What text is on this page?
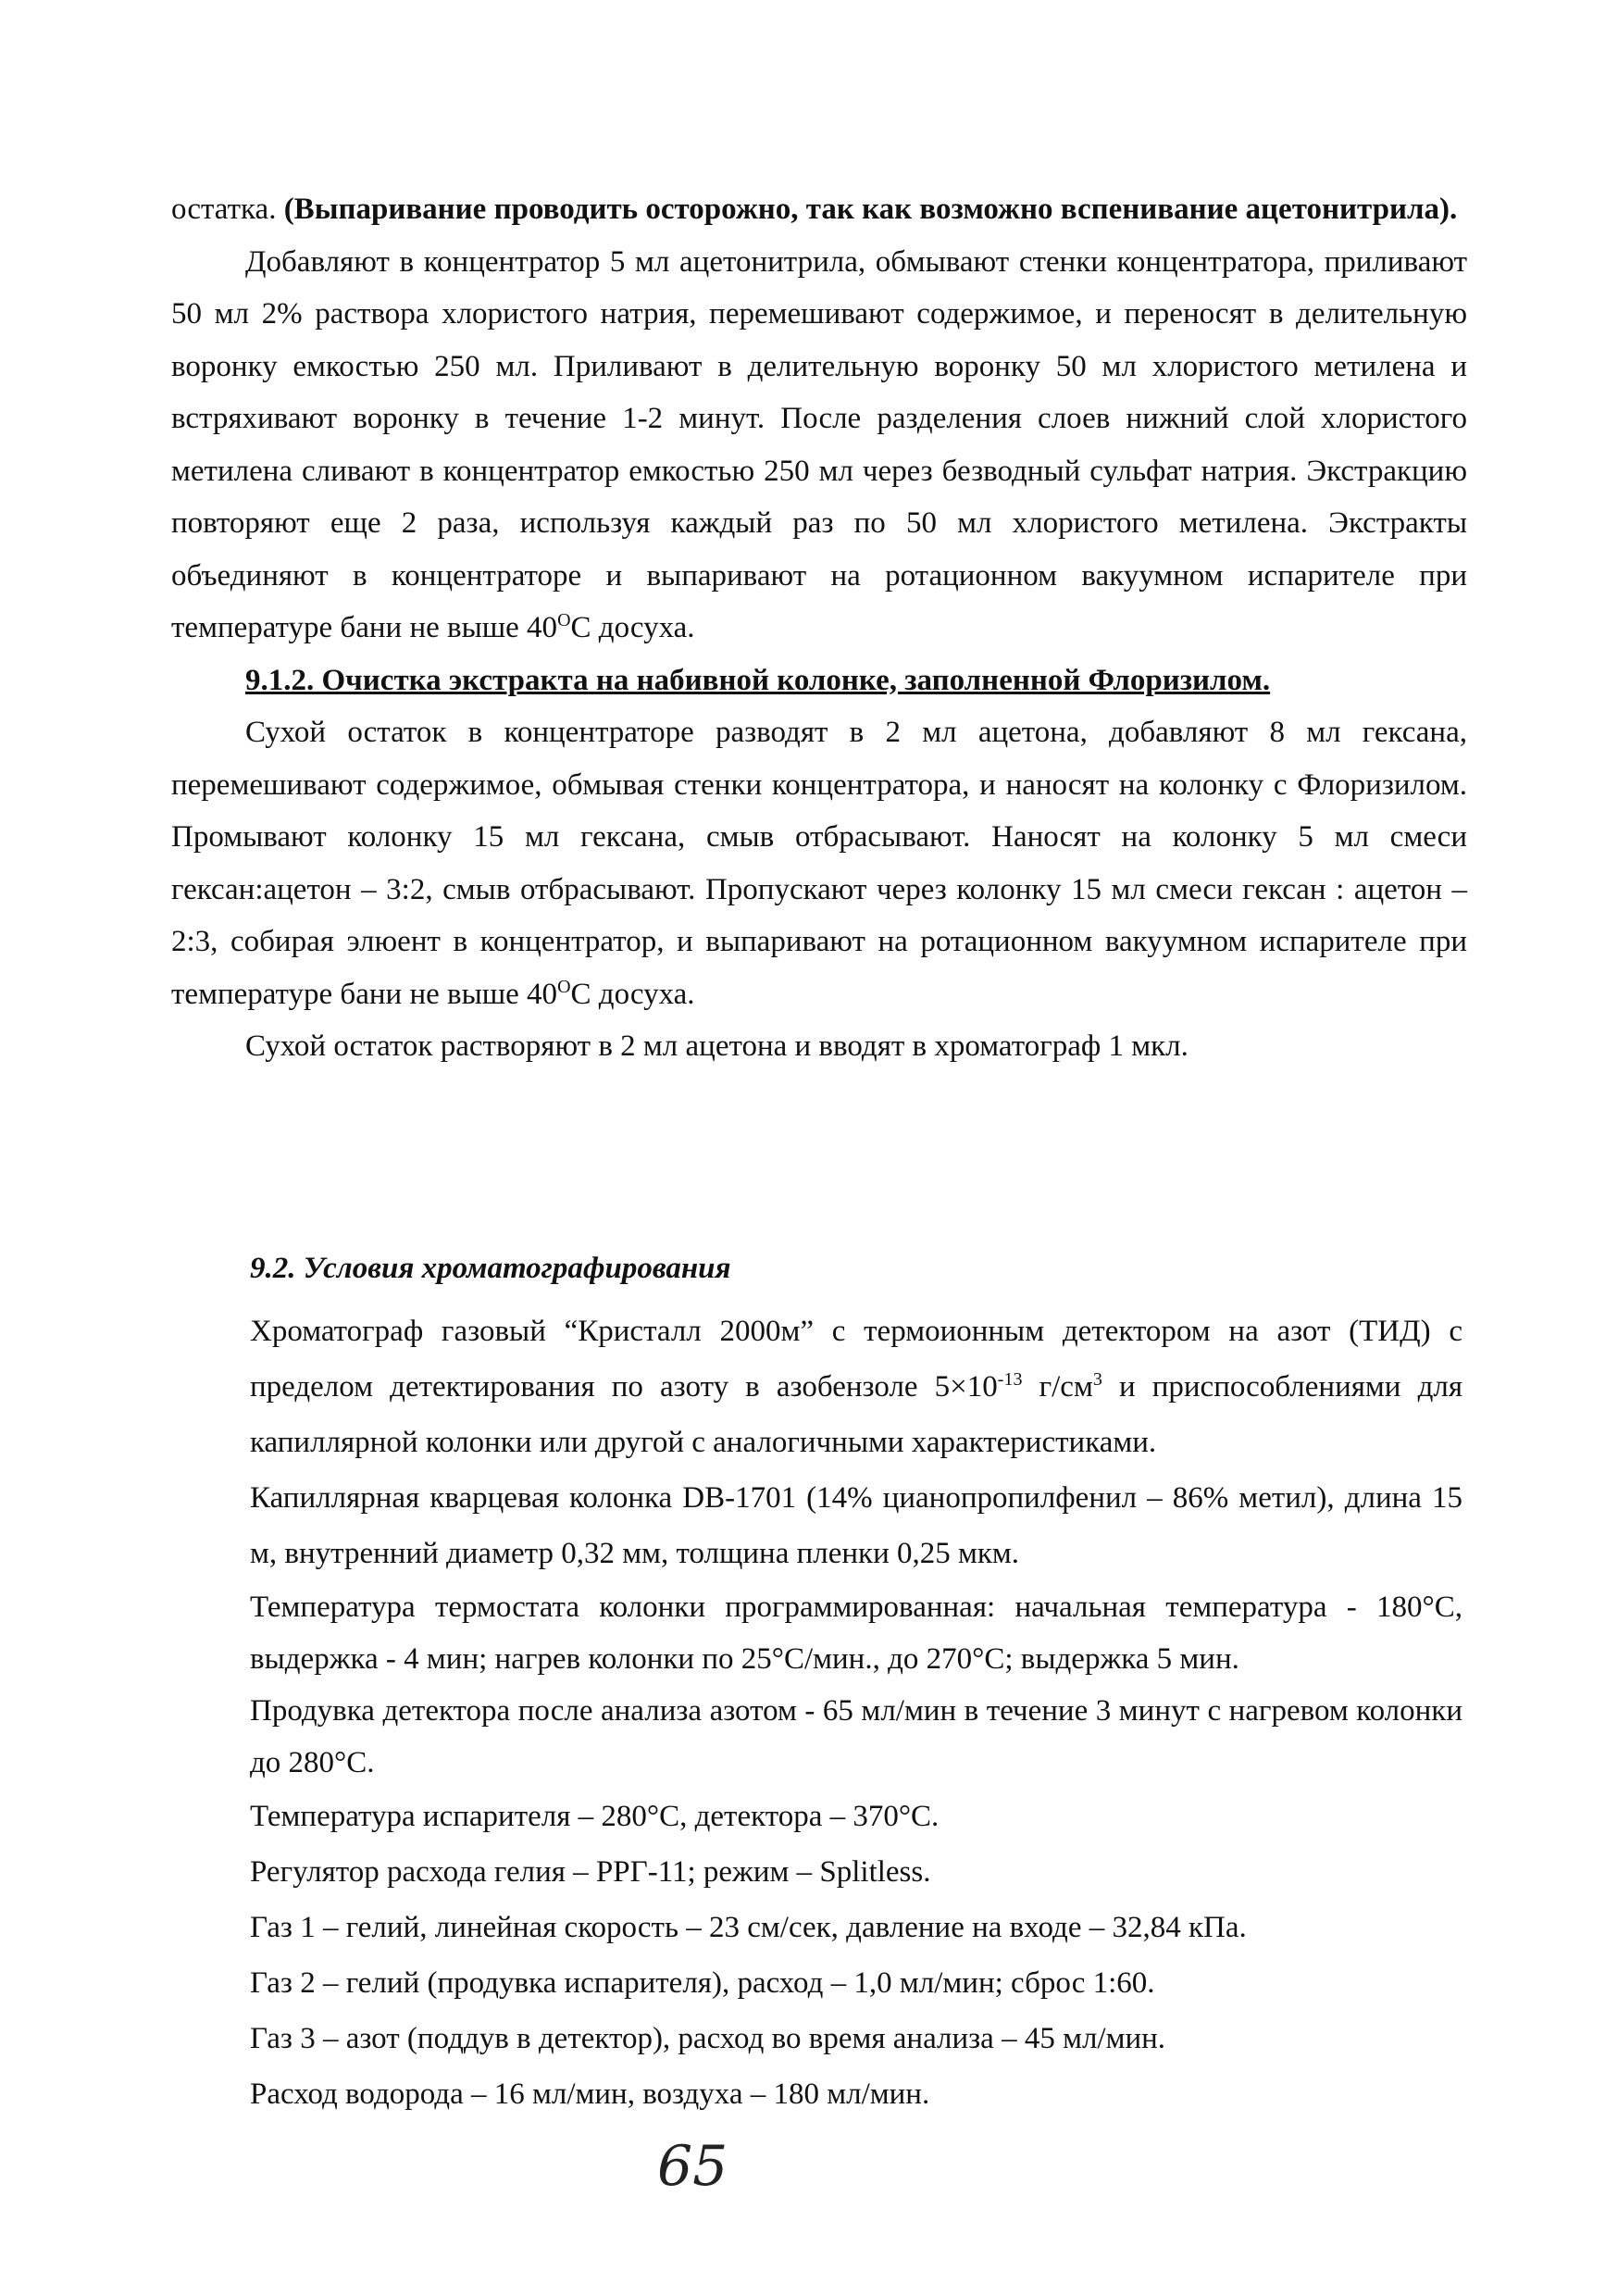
остатка. (Выпаривание проводить осторожно, так как возможно вспенивание ацетонитрила).

Добавляют в концентратор 5 мл ацетонитрила, обмывают стенки концентратора, приливают 50 мл 2% раствора хлористого натрия, перемешивают содержимое, и переносят в делительную воронку емкостью 250 мл. Приливают в делительную воронку 50 мл хлористого метилена и встряхивают воронку в течение 1-2 минут. После разделения слоев нижний слой хлористого метилена сливают в концентратор емкостью 250 мл через безводный сульфат натрия. Экстракцию повторяют еще 2 раза, используя каждый раз по 50 мл хлористого метилена. Экстракты объединяют в концентраторе и выпаривают на ротационном вакуумном испарителе при температуре бани не выше $40^OC$ досуха.

9.1.2. Очистка экстракта на набивной колонке, заполненной Флоризилом.

Сухой остаток в концентраторе разводят в 2 мл ацетона, добавляют 8 мл гексана, перемешивают содержимое, обмывая стенки концентратора, и наносят на колонку с Флоризилом. Промывают колонку 15 мл гексана, смыв отбрасывают. Наносят на колонку 5 мл смеси гексан:ацетон – 3:2, смыв отбрасывают. Пропускают через колонку 15 мл смеси гексан : ацетон – 2:3, собирая элюент в концентратор, и выпаривают на ротационном вакуумном испарителе при температуре бани не выше $40^OC$ досуха.

Сухой остаток растворяют в 2 мл ацетона и вводят в хроматограф 1 мкл.

9.2. Условия хроматографирования

Хроматограф газовый “Кристалл 2000м” с термоионным детектором на азот (ТИД) с пределом детектирования по азоту в азобензоле $5\times 10^{-13}$ $г/см^3$ и приспособлениями для капиллярной колонки или другой с аналогичными характеристиками.

Капиллярная кварцевая колонка DB-1701 (14% цианопропилфенил – 86% метил), длина 15 м, внутренний диаметр 0,32 мм, толщина пленки 0,25 мкм.

Температура термостата колонки программированная: начальная температура - 180°C, выдержка - 4 мин; нагрев колонки по 25°C/мин., до 270°C; выдержка 5 мин.

Продувка детектора после анализа азотом - 65 мл/мин в течение 3 минут с нагревом колонки до 280°C.

Температура испарителя – 280°C, детектора – 370°C.

Регулятор расхода гелия – РРГ-11; режим – Splitless.

Газ 1 – гелий, линейная скорость – 23 см/сек, давление на входе – 32,84 кПа.

Газ 2 – гелий (продувка испарителя), расход – 1,0 мл/мин; сброс 1:60.

Газ 3 – азот (поддув в детектор), расход во время анализа – 45 мл/мин.

Расход водорода – 16 мл/мин, воздуха – 180 мл/мин.

65
